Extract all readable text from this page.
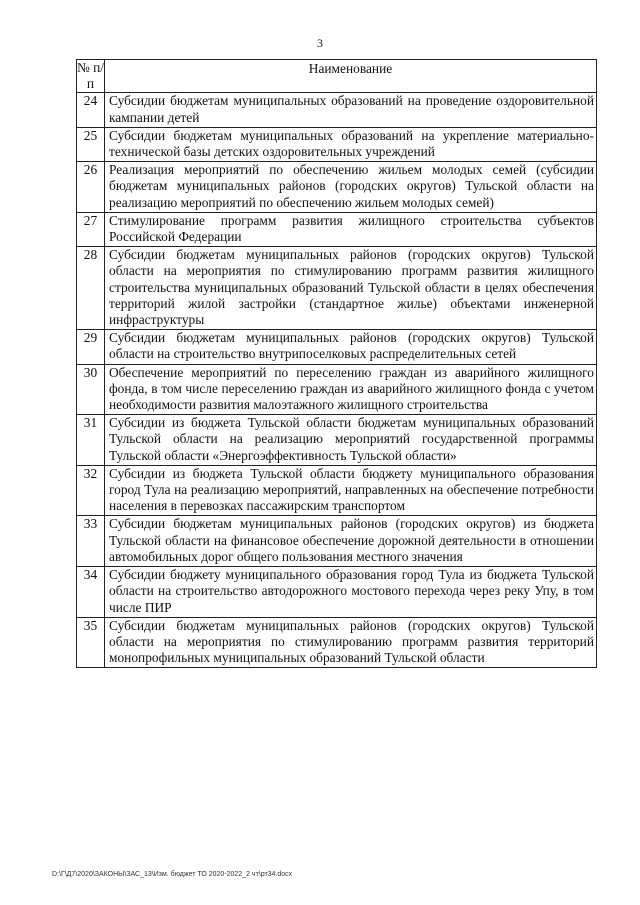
3
№ п/п	Наименование
24	Субсидии бюджетам муниципальных образований на проведение оздоровительной кампании детей
25	Субсидии бюджетам муниципальных образований на укрепление материально-технической базы детских оздоровительных учреждений
26	Реализация мероприятий по обеспечению жильем молодых семей (субсидии бюджетам муниципальных районов (городских округов) Тульской области на реализацию мероприятий по обеспечению жильем молодых семей)
27	Стимулирование программ развития жилищного строительства субъектов Российской Федерации
28	Субсидии бюджетам муниципальных районов (городских округов) Тульской области на мероприятия по стимулированию программ развития жилищного строительства муниципальных образований Тульской области в целях обеспечения территорий жилой застройки (стандартное жилье) объектами инженерной инфраструктуры
29	Субсидии бюджетам муниципальных районов (городских округов) Тульской области на строительство внутрипоселковых распределительных сетей
30	Обеспечение мероприятий по переселению граждан из аварийного жилищного фонда, в том числе переселению граждан из аварийного жилищного фонда с учетом необходимости развития малоэтажного жилищного строительства
31	Субсидии из бюджета Тульской области бюджетам муниципальных образований Тульской области на реализацию мероприятий государственной программы Тульской области «Энергоэффективность Тульской области»
32	Субсидии из бюджета Тульской области бюджету муниципального образования город Тула на реализацию мероприятий, направленных на обеспечение потребности населения в перевозках пассажирским транспортом
33	Субсидии бюджетам муниципальных районов (городских округов) из бюджета Тульской области на финансовое обеспечение дорожной деятельности в отношении автомобильных дорог общего пользования местного значения
34	Субсидии бюджету муниципального образования город Тула из бюджета Тульской области на строительство автодорожного мостового перехода через реку Упу, в том числе ПИР
35	Субсидии бюджетам муниципальных районов (городских округов) Тульской области на мероприятия по стимулированию программ развития территорий монопрофильных муниципальных образований Тульской области
D:\Г\Д7\2020\ЗАКОНЫ\ЗАС_13\Изм. бюджет ТО 2020-2022_2 чт\рт34.docx
